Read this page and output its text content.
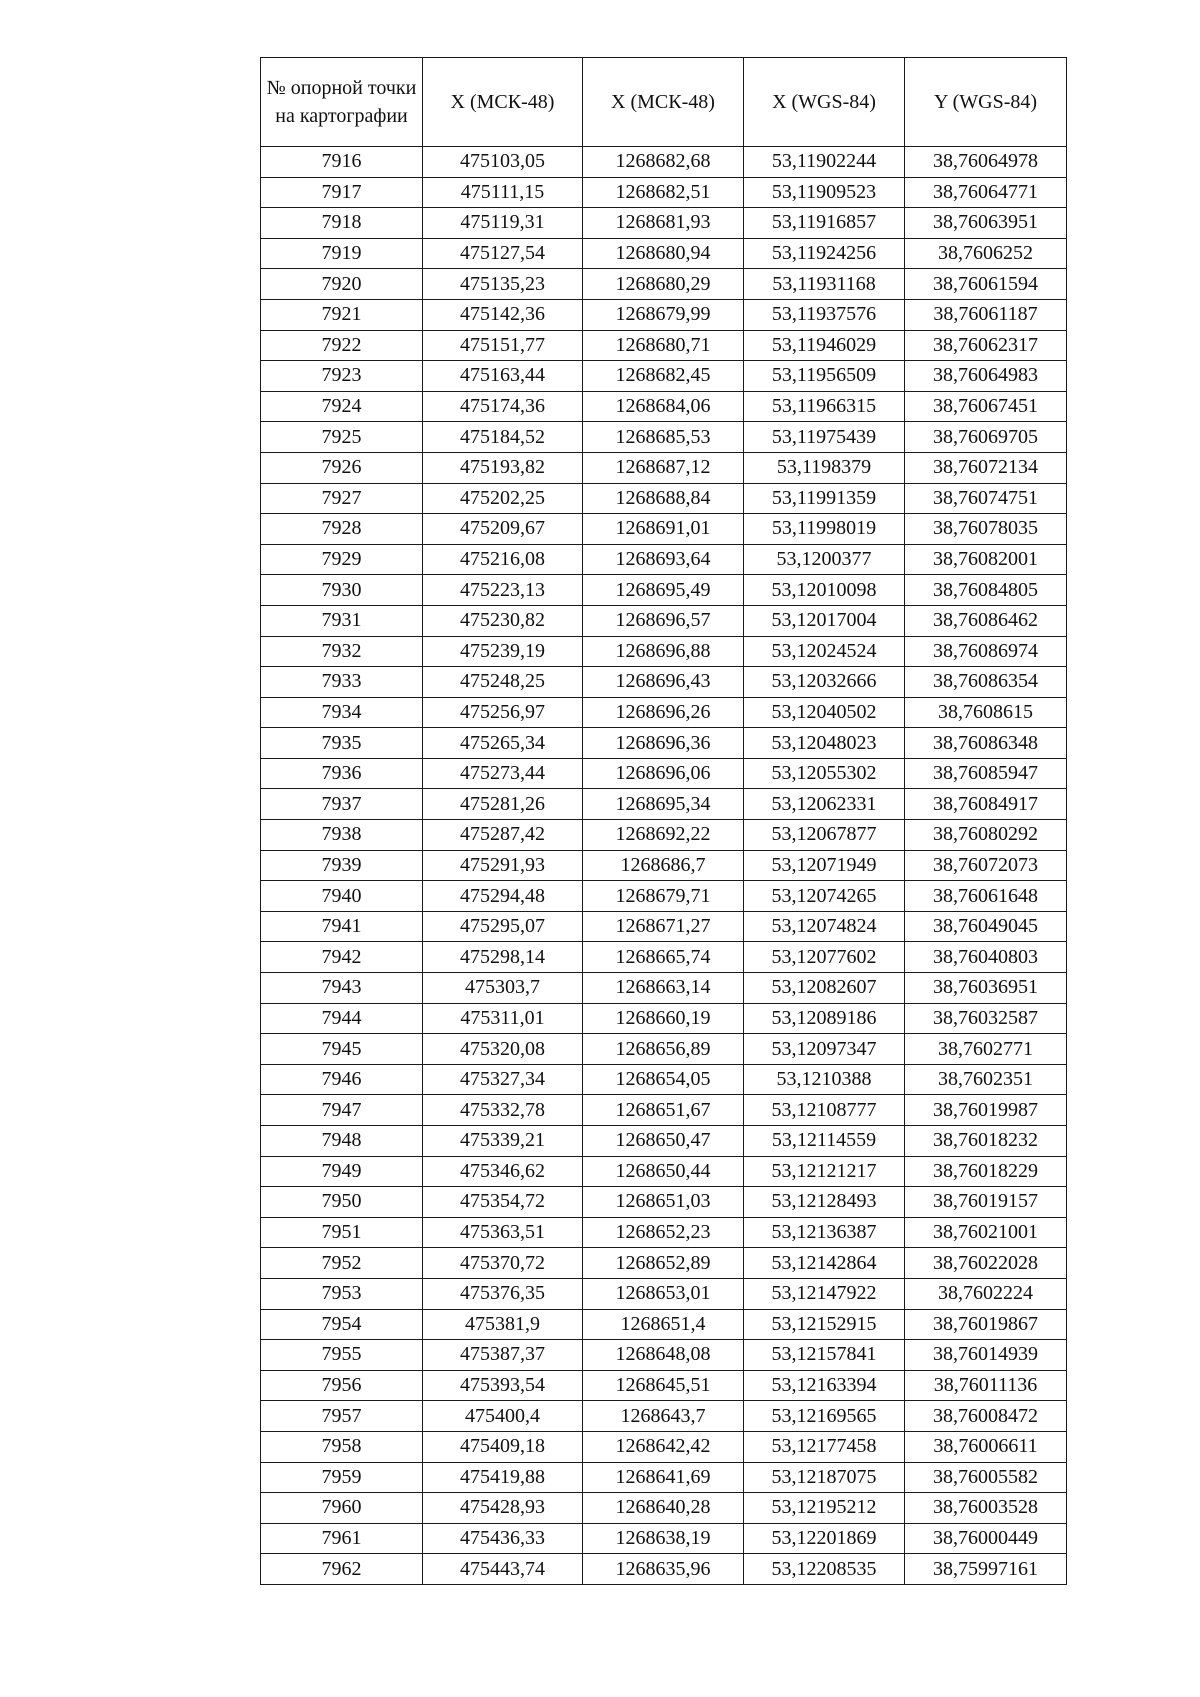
№ опорной точки на картографии	X (МСК-48)	X (МСК-48)	X (WGS-84)	Y (WGS-84)
7916	475103,05	1268682,68	53,11902244	38,76064978
7917	475111,15	1268682,51	53,11909523	38,76064771
7918	475119,31	1268681,93	53,11916857	38,76063951
7919	475127,54	1268680,94	53,11924256	38,7606252
7920	475135,23	1268680,29	53,11931168	38,76061594
7921	475142,36	1268679,99	53,11937576	38,76061187
7922	475151,77	1268680,71	53,11946029	38,76062317
7923	475163,44	1268682,45	53,11956509	38,76064983
7924	475174,36	1268684,06	53,11966315	38,76067451
7925	475184,52	1268685,53	53,11975439	38,76069705
7926	475193,82	1268687,12	53,1198379	38,76072134
7927	475202,25	1268688,84	53,11991359	38,76074751
7928	475209,67	1268691,01	53,11998019	38,76078035
7929	475216,08	1268693,64	53,1200377	38,76082001
7930	475223,13	1268695,49	53,12010098	38,76084805
7931	475230,82	1268696,57	53,12017004	38,76086462
7932	475239,19	1268696,88	53,12024524	38,76086974
7933	475248,25	1268696,43	53,12032666	38,76086354
7934	475256,97	1268696,26	53,12040502	38,7608615
7935	475265,34	1268696,36	53,12048023	38,76086348
7936	475273,44	1268696,06	53,12055302	38,76085947
7937	475281,26	1268695,34	53,12062331	38,76084917
7938	475287,42	1268692,22	53,12067877	38,76080292
7939	475291,93	1268686,7	53,12071949	38,76072073
7940	475294,48	1268679,71	53,12074265	38,76061648
7941	475295,07	1268671,27	53,12074824	38,76049045
7942	475298,14	1268665,74	53,12077602	38,76040803
7943	475303,7	1268663,14	53,12082607	38,76036951
7944	475311,01	1268660,19	53,12089186	38,76032587
7945	475320,08	1268656,89	53,12097347	38,7602771
7946	475327,34	1268654,05	53,1210388	38,7602351
7947	475332,78	1268651,67	53,12108777	38,76019987
7948	475339,21	1268650,47	53,12114559	38,76018232
7949	475346,62	1268650,44	53,12121217	38,76018229
7950	475354,72	1268651,03	53,12128493	38,76019157
7951	475363,51	1268652,23	53,12136387	38,76021001
7952	475370,72	1268652,89	53,12142864	38,76022028
7953	475376,35	1268653,01	53,12147922	38,7602224
7954	475381,9	1268651,4	53,12152915	38,76019867
7955	475387,37	1268648,08	53,12157841	38,76014939
7956	475393,54	1268645,51	53,12163394	38,76011136
7957	475400,4	1268643,7	53,12169565	38,76008472
7958	475409,18	1268642,42	53,12177458	38,76006611
7959	475419,88	1268641,69	53,12187075	38,76005582
7960	475428,93	1268640,28	53,12195212	38,76003528
7961	475436,33	1268638,19	53,12201869	38,76000449
7962	475443,74	1268635,96	53,12208535	38,75997161
